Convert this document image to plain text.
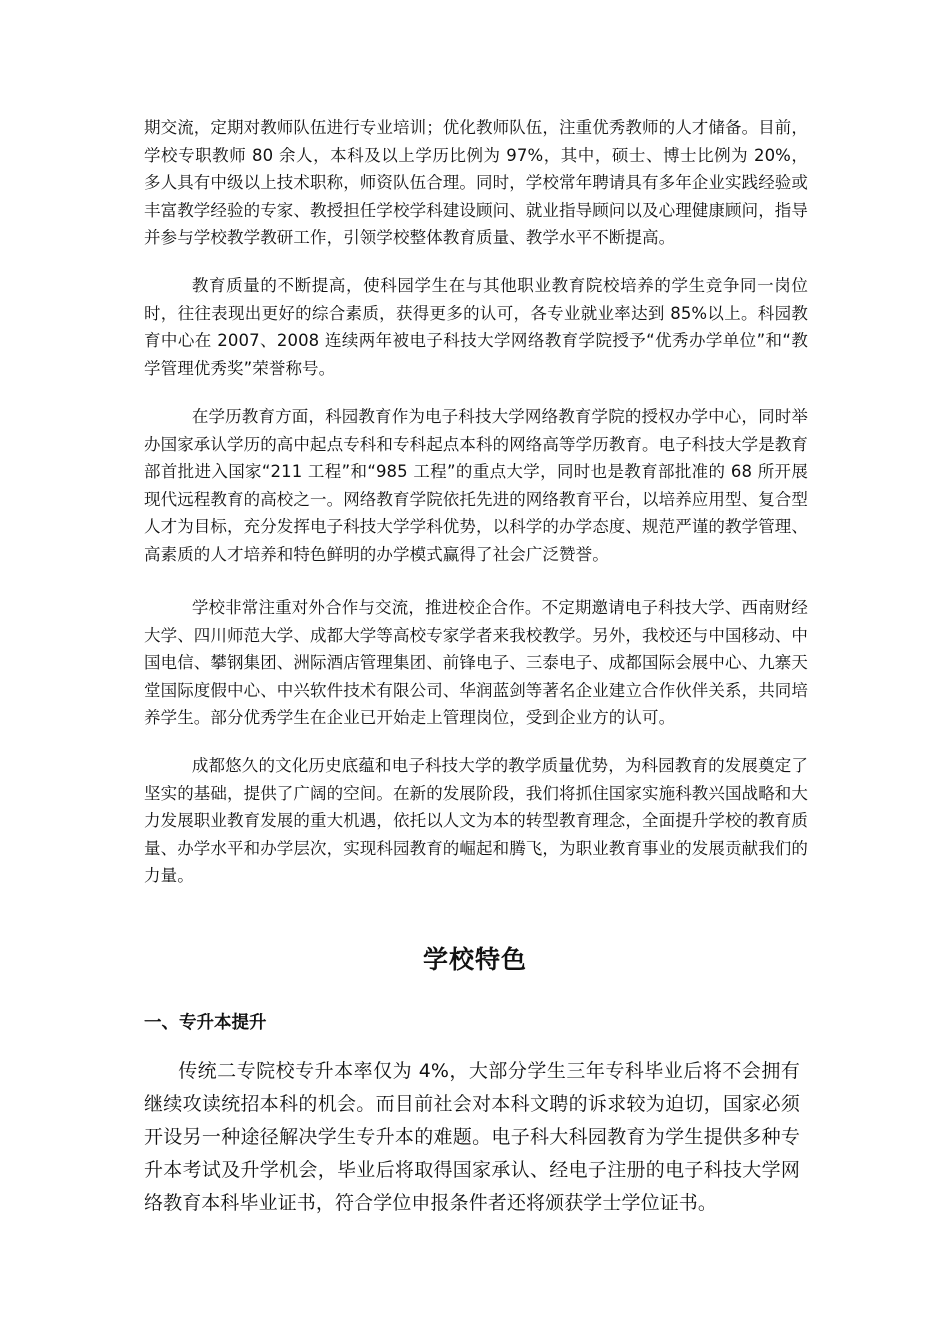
期交流，定期对教师队伍进行专业培训；优化教师队伍，注重优秀教师的人才储备。目前，学校专职教师 80 余人，本科及以上学历比例为 97%，其中，硕士、博士比例为 20%，多人具有中级以上技术职称，师资队伍合理。同时，学校常年聘请具有多年企业实践经验或丰富教学经验的专家、教授担任学校学科建设顾问、就业指导顾问以及心理健康顾问，指导并参与学校教学教研工作，引领学校整体教育质量、教学水平不断提高。

教育质量的不断提高，使科园学生在与其他职业教育院校培养的学生竞争同一岗位时，往往表现出更好的综合素质，获得更多的认可，各专业就业率达到 85%以上。科园教育中心在 2007、2008 连续两年被电子科技大学网络教育学院授予“优秀办学单位”和“教学管理优秀奖”荣誉称号。

在学历教育方面，科园教育作为电子科技大学网络教育学院的授权办学中心，同时举办国家承认学历的高中起点专科和专科起点本科的网络高等学历教育。电子科技大学是教育部首批进入国家“211 工程”和“985 工程”的重点大学，同时也是教育部批准的 68 所开展现代远程教育的高校之一。网络教育学院依托先进的网络教育平台，以培养应用型、复合型人才为目标，充分发挥电子科技大学学科优势，以科学的办学态度、规范严谨的教学管理、高素质的人才培养和特色鲜明的办学模式赢得了社会广泛赞誉。

学校非常注重对外合作与交流，推进校企合作。不定期邀请电子科技大学、西南财经大学、四川师范大学、成都大学等高校专家学者来我校教学。另外，我校还与中国移动、中国电信、攀钢集团、洲际酒店管理集团、前锋电子、三泰电子、成都国际会展中心、九寨天堂国际度假中心、中兴软件技术有限公司、华润蓝剑等著名企业建立合作伙伴关系，共同培养学生。部分优秀学生在企业已开始走上管理岗位，受到企业方的认可。

成都悠久的文化历史底蕴和电子科技大学的教学质量优势，为科园教育的发展奠定了坚实的基础，提供了广阔的空间。在新的发展阶段，我们将抓住国家实施科教兴国战略和大力发展职业教育发展的重大机遇，依托以人文为本的转型教育理念，全面提升学校的教育质量、办学水平和办学层次，实现科园教育的崛起和腾飞，为职业教育事业的发展贡献我们的力量。

学校特色
一、专升本提升

传统二专院校专升本率仅为 4%，大部分学生三年专科毕业后将不会拥有继续攻读统招本科的机会。而目前社会对本科文聘的诉求较为迫切，国家必须开设另一种途径解决学生专升本的难题。电子科大科园教育为学生提供多种专升本考试及升学机会，毕业后将取得国家承认、经电子注册的电子科技大学网络教育本科毕业证书，符合学位申报条件者还将颁获学士学位证书。
